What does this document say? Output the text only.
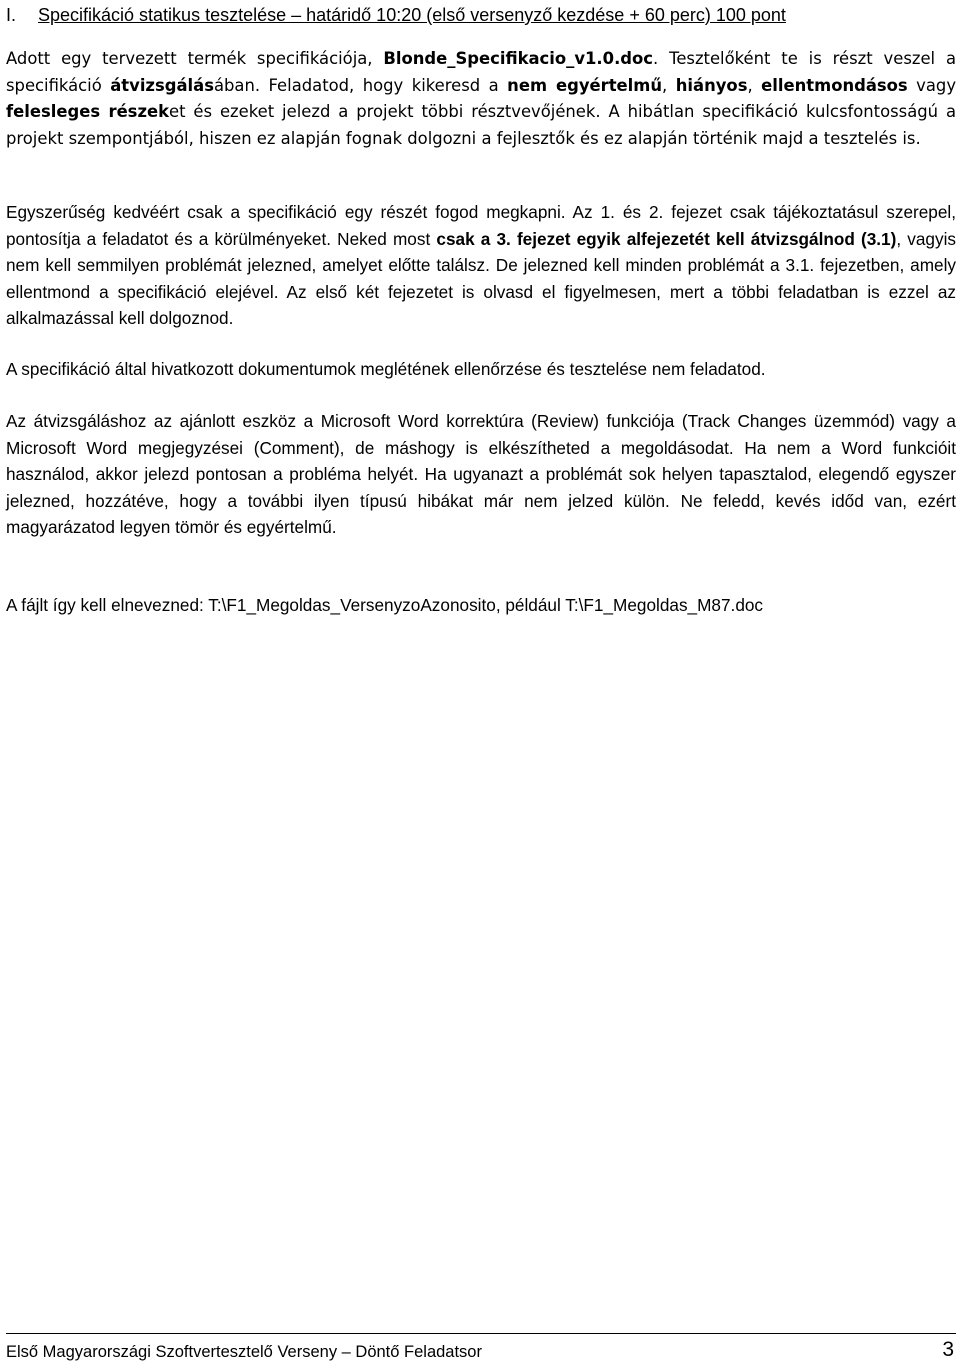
I. Specifikáció statikus tesztelése – határidő 10:20 (első versenyző kezdése + 60 perc) 100 pont

Adott egy tervezett termék specifikációja, Blonde_Specifikacio_v1.0.doc. Tesztelőként te is részt veszel a specifikáció átvizsgálásában. Feladatod, hogy kikeresd a nem egyértelmű, hiányos, ellentmondásos vagy felesleges részeket és ezeket jelezd a projekt többi résztvevőjének. A hibátlan specifikáció kulcsfontosságú a projekt szempontjából, hiszen ez alapján fognak dolgozni a fejlesztők és ez alapján történik majd a tesztelés is.

Egyszerűség kedvéért csak a specifikáció egy részét fogod megkapni. Az 1. és 2. fejezet csak tájékoztatásul szerepel, pontosítja a feladatot és a körülményeket. Neked most csak a 3. fejezet egyik alfejezetét kell átvizsgálnod (3.1), vagyis nem kell semmilyen problémát jelezned, amelyet előtte találsz. De jelezned kell minden problémát a 3.1. fejezetben, amely ellentmond a specifikáció elejével. Az első két fejezetet is olvasd el figyelmesen, mert a többi feladatban is ezzel az alkalmazással kell dolgoznod.

A specifikáció által hivatkozott dokumentumok meglétének ellenőrzése és tesztelése nem feladatod.

Az átvizsgáláshoz az ajánlott eszköz a Microsoft Word korrektúra (Review) funkciója (Track Changes üzemmód) vagy a Microsoft Word megjegyzései (Comment), de máshogy is elkészítheted a megoldásodat. Ha nem a Word funkcióit használod, akkor jelezd pontosan a probléma helyét. Ha ugyanazt a problémát sok helyen tapasztalod, elegendő egyszer jelezned, hozzátéve, hogy a további ilyen típusú hibákat már nem jelzed külön. Ne feledd, kevés időd van, ezért magyarázatod legyen tömör és egyértelmű.

A fájlt így kell elnevezned: T:\F1_Megoldas_VersenyzoAzonosito, például T:\F1_Megoldas_M87.doc

Első Magyarországi Szoftvertesztelő Verseny – Döntő Feladatsor	3
